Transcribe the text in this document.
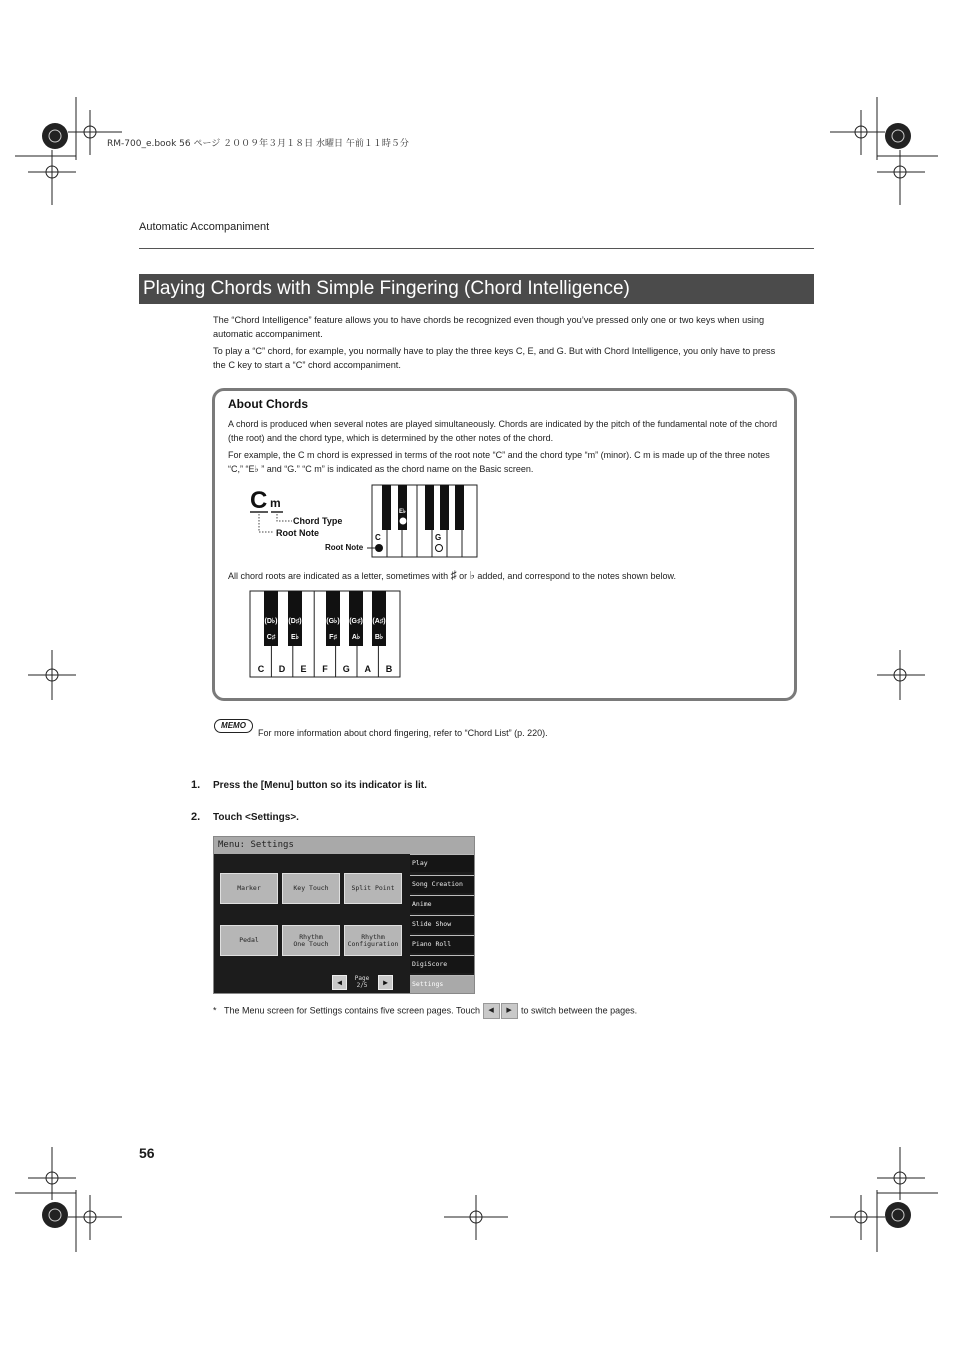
RM-700_e.book 56 ページ ２００９年３月１８日 水曜日 午前１１時５分
Automatic Accompaniment
Playing Chords with Simple Fingering (Chord Intelligence)
The “Chord Intelligence” feature allows you to have chords be recognized even though you’ve pressed only one or two keys when using automatic accompaniment.
To play a “C” chord, for example, you normally have to play the three keys C, E, and G. But with Chord Intelligence, you only have to press the C key to start a “C” chord accompaniment.
About Chords
A chord is produced when several notes are played simultaneously. Chords are indicated by the pitch of the fundamental note of the chord (the root) and the chord type, which is determined by the other notes of the chord.
For example, the C m chord is expressed in terms of the root note “C” and the chord type “m” (minor). C m is made up of the three notes “C,” “E♭ ” and “G.” “C m” is indicated as the chord name on the Basic screen.
C m
Chord Type
Root Note
E♭
C	G
Root Note
All chord roots are indicated as a letter, sometimes with ♯ or ♭ added, and correspond to the notes shown below.
(D♭) (D♯)	(G♭) (G♯) (A♯)
C♯ E♭	F♯ A♭ B♭
C D E F G A B
MEMO
For more information about chord fingering, refer to “Chord List” (p. 220).
1. Press the [Menu] button so its indicator is lit.
2. Touch <Settings>.
Menu: Settings
Marker	Key Touch	Split Point
Pedal	Rhythm
One Touch
Rhythm
Configuration
◀	Page
2/5	▶
Play
Song Creation
Anime
Slide Show
Piano Roll
DigiScore
Settings
* The Menu screen for Settings contains five screen pages. Touch ◀ ▶ to switch between the pages.
56
